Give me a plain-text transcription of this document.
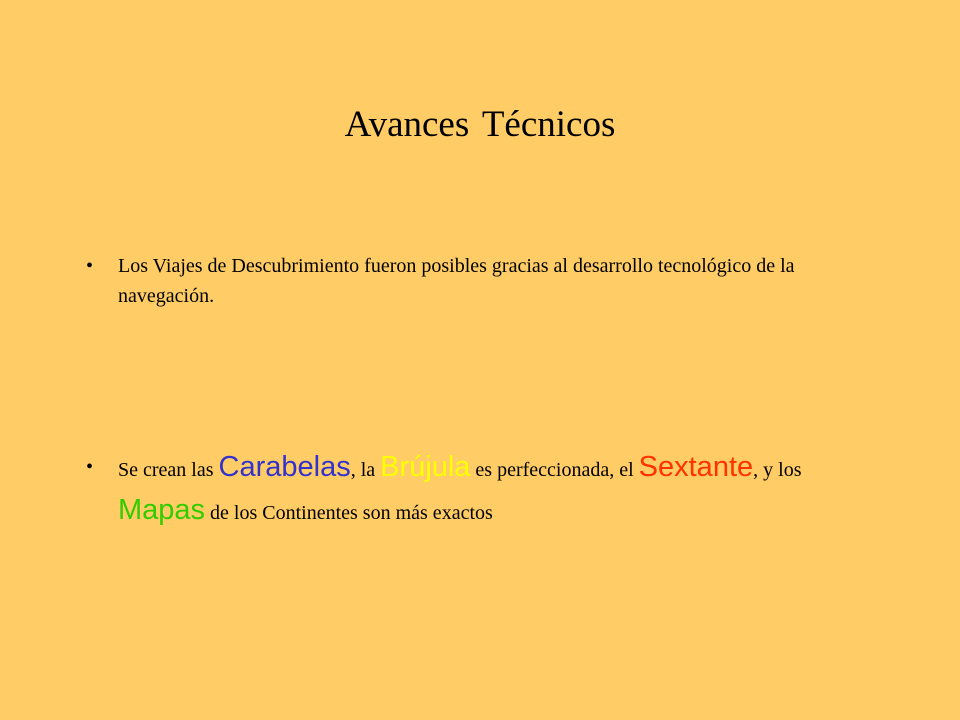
Avances Técnicos
•	Los Viajes de Descubrimiento fueron posibles gracias al desarrollo tecnológico de la navegación.
•	Se crean las Carabelas, la Brújula es perfeccionada, el Sextante, y los Mapas de los Continentes son más exactos
